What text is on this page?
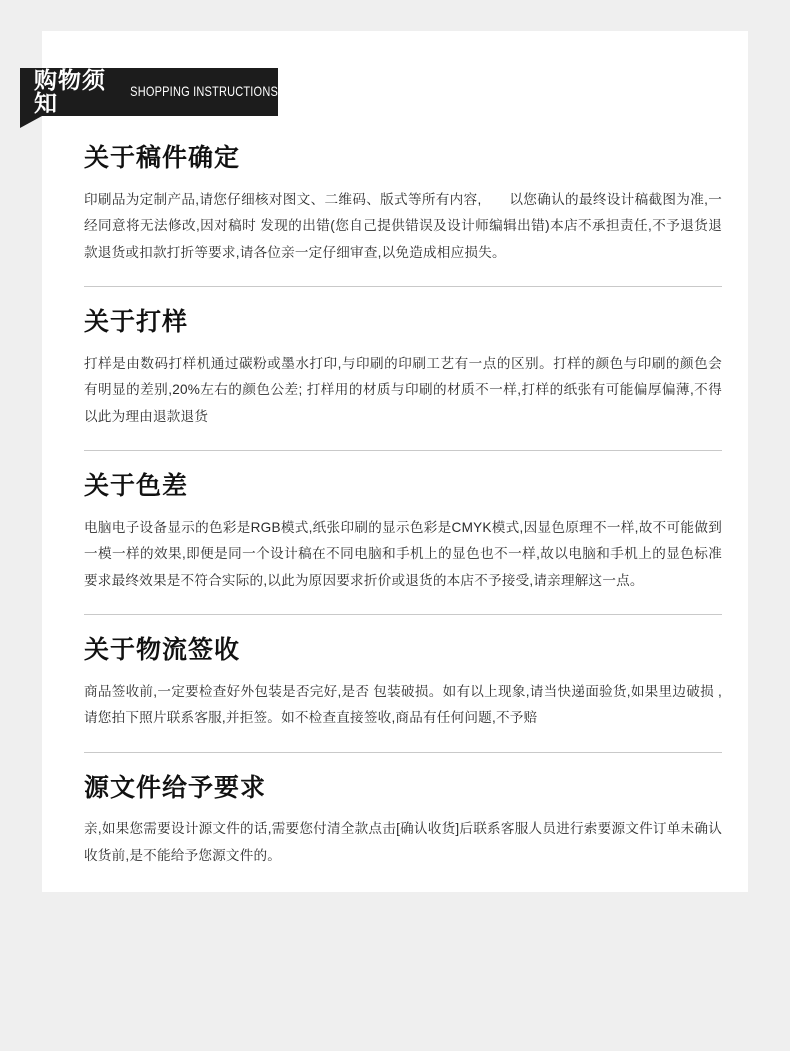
购物须知	SHOPPING INSTRUCTIONS
关于稿件确定

印刷品为定制产品,请您仔细核对图文、二维码、版式等所有内容,　　以您确认的最终设计稿截图为准,一经同意将无法修改,因对稿时 发现的出错(您自己提供错误及设计师编辑出错)本店不承担责任,不予退货退款退货或扣款打折等要求,请各位亲一定仔细审查,以免造成相应损失。

关于打样

打样是由数码打样机通过碳粉或墨水打印,与印刷的印刷工艺有一点的区别。打样的颜色与印刷的颜色会有明显的差别,20%左右的颜色公差; 打样用的材质与印刷的材质不一样,打样的纸张有可能偏厚偏薄,不得以此为理由退款退货

关于色差

电脑电子设备显示的色彩是RGB模式,纸张印刷的显示色彩是CMYK模式,因显色原理不一样,故不可能做到一模一样的效果,即便是同一个设计稿在不同电脑和手机上的显色也不一样,故以电脑和手机上的显色标准要求最终效果是不符合实际的,以此为原因要求折价或退货的本店不予接受,请亲理解这一点。

关于物流签收

商品签收前,一定要检查好外包装是否完好,是否 包装破损。如有以上现象,请当快递面验货,如果里边破损 ,请您拍下照片联系客服,并拒签。如不检查直接签收,商品有任何问题,不予赔

源文件给予要求

亲,如果您需要设计源文件的话,需要您付清全款点击[确认收货]后联系客服人员进行索要源文件订单未确认收货前,是不能给予您源文件的。
